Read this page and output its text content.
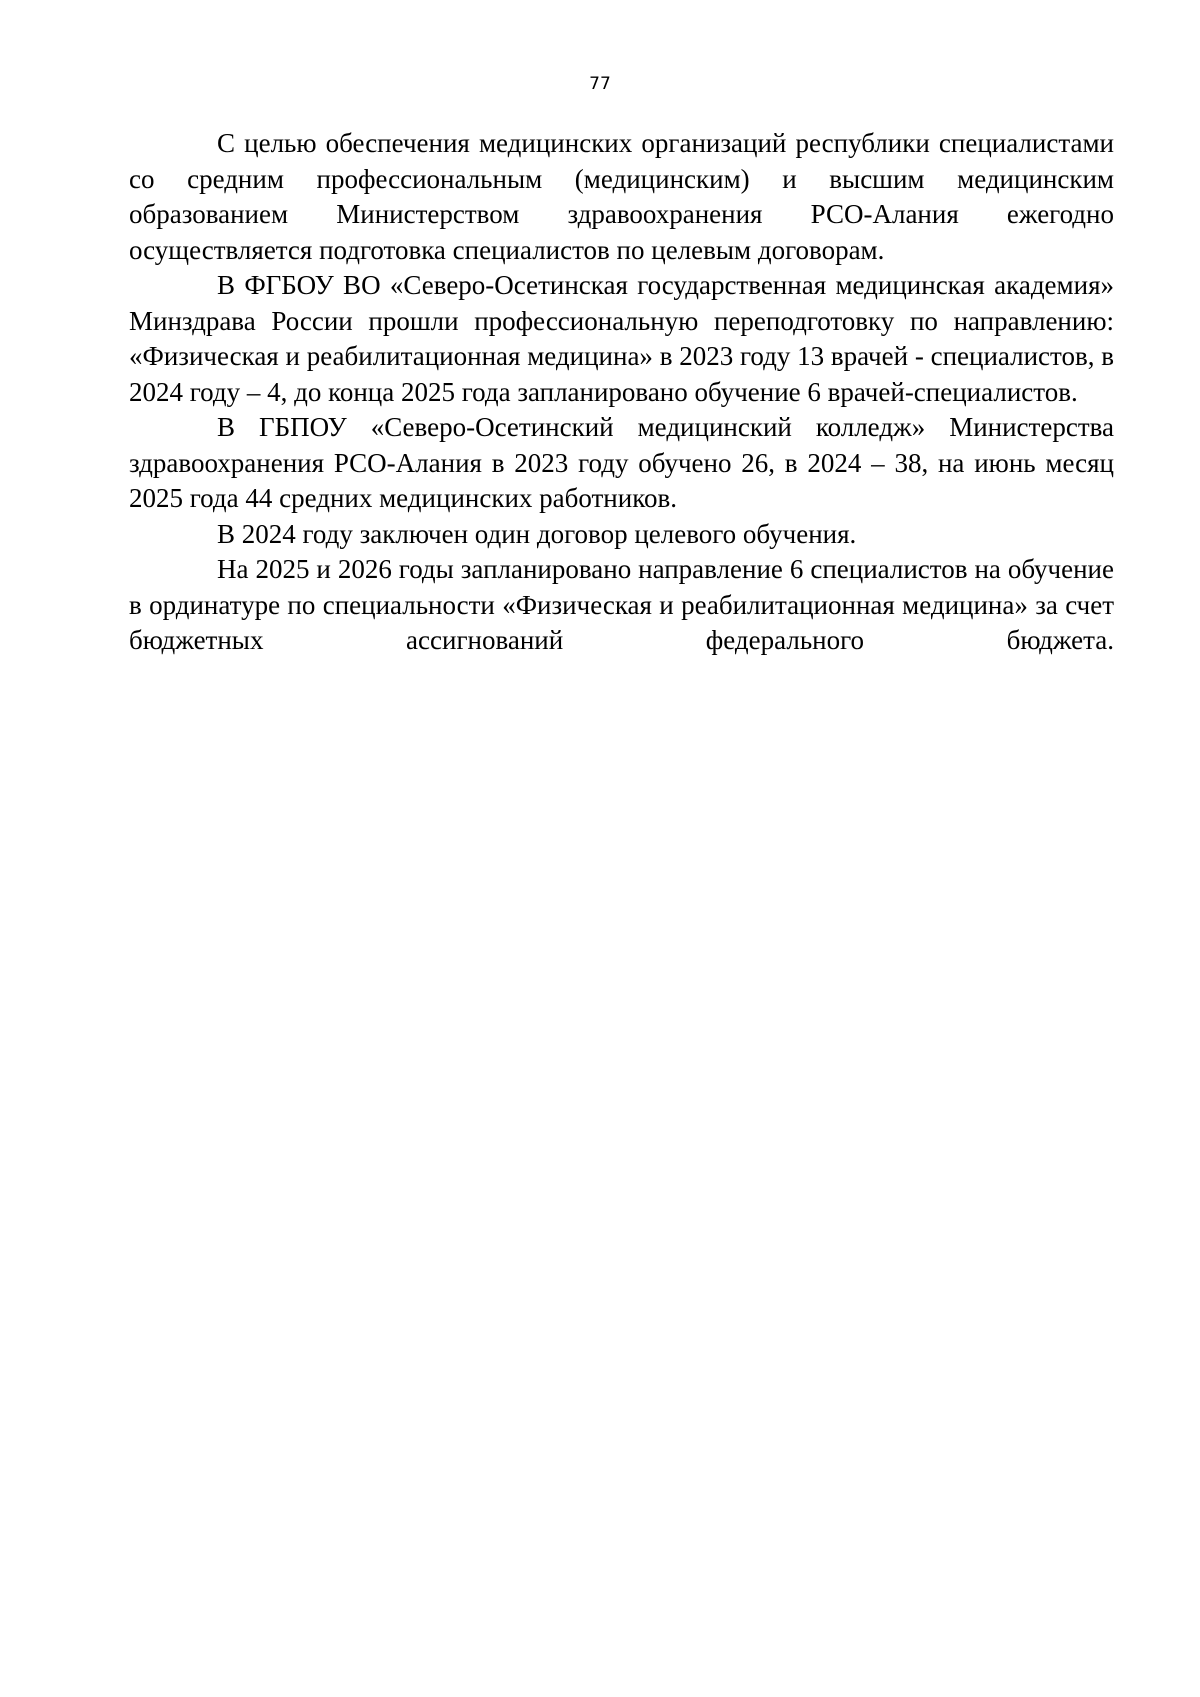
77

С целью обеспечения медицинских организаций республики специалистами со средним профессиональным (медицинским) и высшим медицинским образованием Министерством здравоохранения РСО-Алания ежегодно осуществляется подготовка специалистов по целевым договорам.

В ФГБОУ ВО «Северо-Осетинская государственная медицинская академия» Минздрава России прошли профессиональную переподготовку по направлению: «Физическая и реабилитационная медицина» в 2023 году 13 врачей - специалистов, в 2024 году – 4, до конца 2025 года запланировано обучение 6 врачей-специалистов.

В ГБПОУ «Северо-Осетинский медицинский колледж» Министерства здравоохранения РСО-Алания в 2023 году обучено 26, в 2024 – 38, на июнь месяц 2025 года 44 средних медицинских работников.

В 2024 году заключен один договор целевого обучения.

На 2025 и 2026 годы запланировано направление 6 специалистов на обучение в ординатуре по специальности «Физическая и реабилитационная медицина» за счет бюджетных ассигнований федерального бюджета.
